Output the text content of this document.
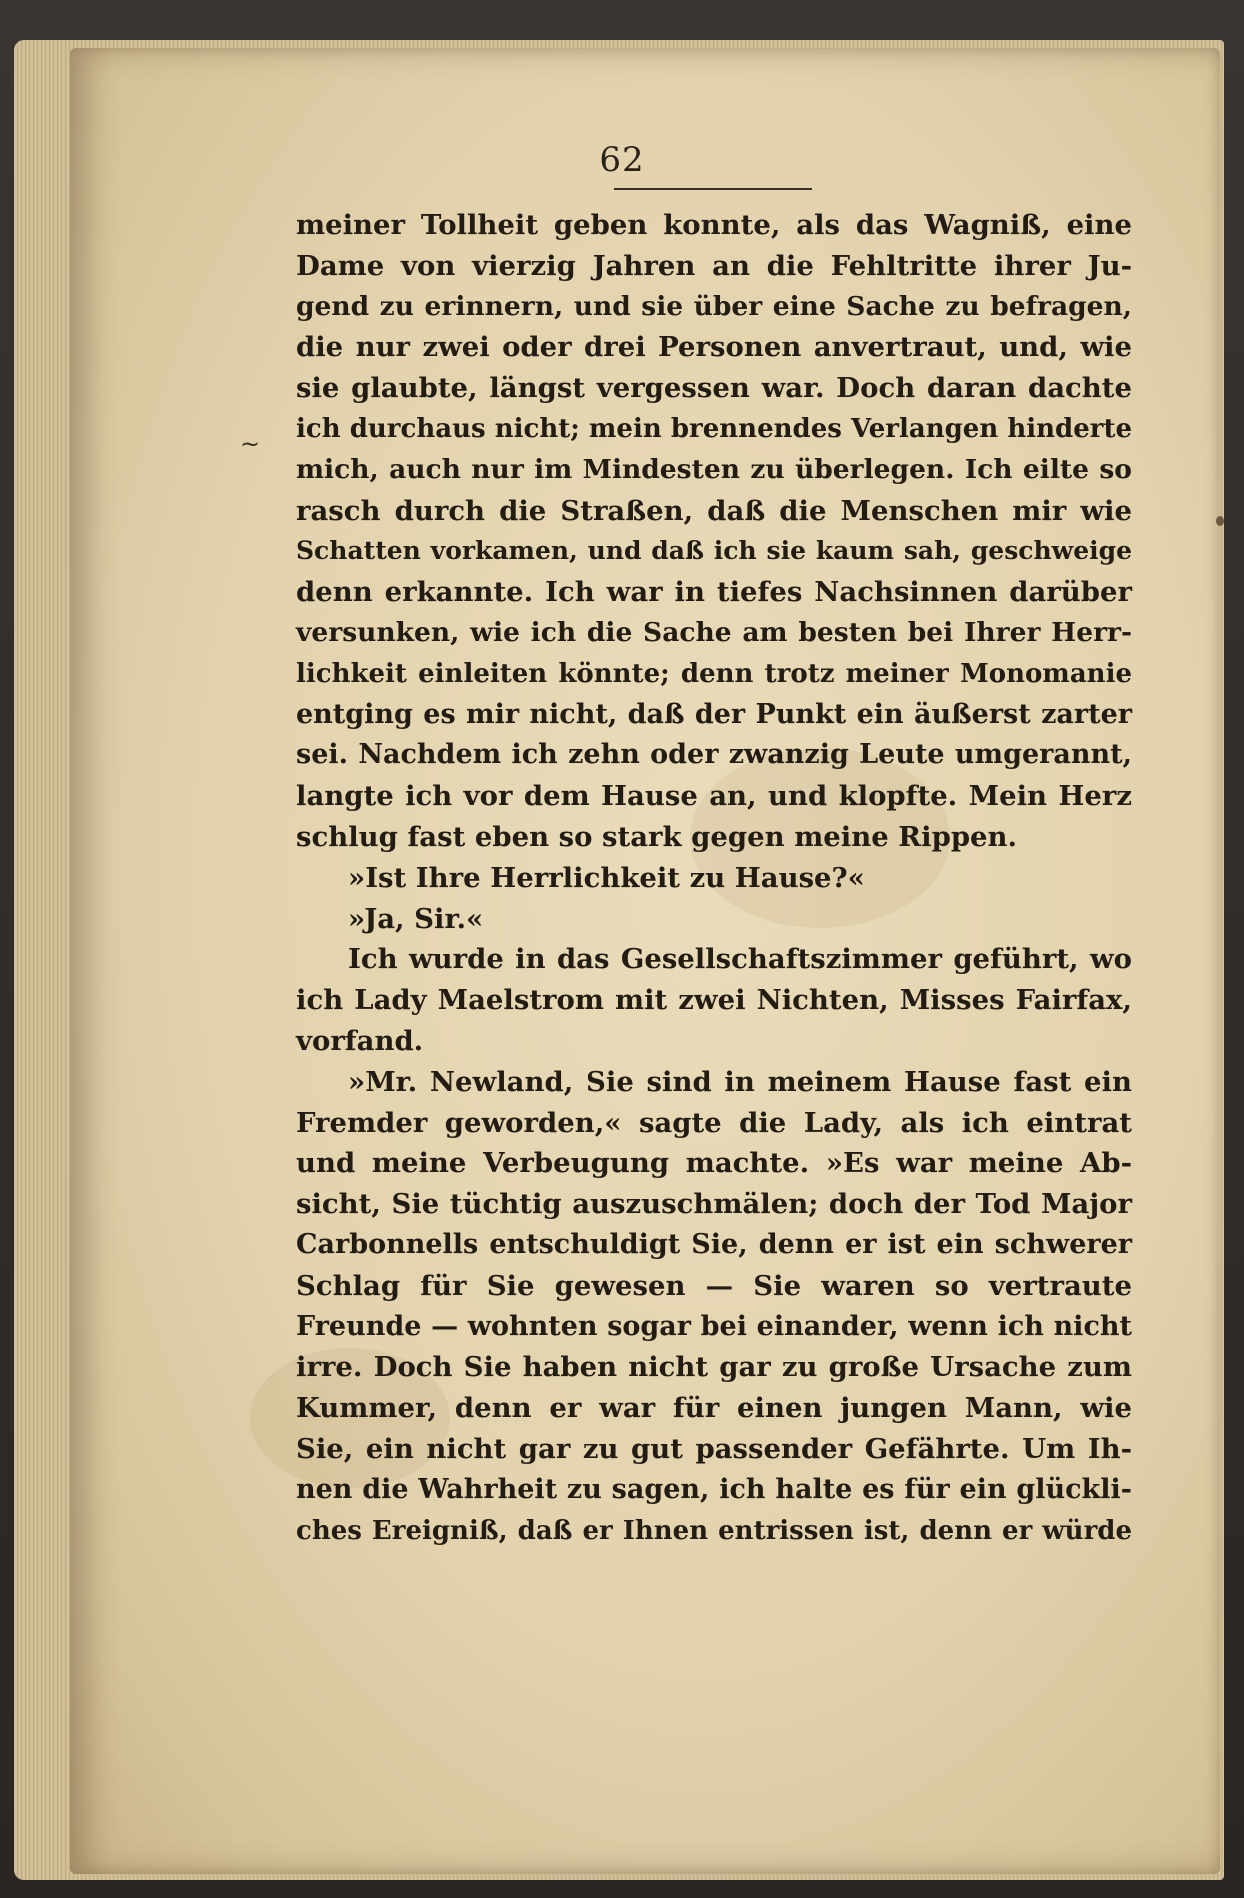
62
~
meiner Tollheit geben konnte, als das Wagniß, eine
Dame von vierzig Jahren an die Fehltritte ihrer Ju-
gend zu erinnern, und sie über eine Sache zu befragen,
die nur zwei oder drei Personen anvertraut, und, wie
sie glaubte, längst vergessen war. Doch daran dachte
ich durchaus nicht; mein brennendes Verlangen hinderte
mich, auch nur im Mindesten zu überlegen. Ich eilte so
rasch durch die Straßen, daß die Menschen mir wie
Schatten vorkamen, und daß ich sie kaum sah, geschweige
denn erkannte. Ich war in tiefes Nachsinnen darüber
versunken, wie ich die Sache am besten bei Ihrer Herr-
lichkeit einleiten könnte; denn trotz meiner Monomanie
entging es mir nicht, daß der Punkt ein äußerst zarter
sei. Nachdem ich zehn oder zwanzig Leute umgerannt,
langte ich vor dem Hause an, und klopfte. Mein Herz
schlug fast eben so stark gegen meine Rippen.
»Ist Ihre Herrlichkeit zu Hause?«
»Ja, Sir.«
Ich wurde in das Gesellschaftszimmer geführt, wo
ich Lady Maelstrom mit zwei Nichten, Misses Fairfax,
vorfand.
»Mr. Newland, Sie sind in meinem Hause fast ein
Fremder geworden,« sagte die Lady, als ich eintrat
und meine Verbeugung machte. »Es war meine Ab-
sicht, Sie tüchtig auszuschmälen; doch der Tod Major
Carbonnells entschuldigt Sie, denn er ist ein schwerer
Schlag für Sie gewesen — Sie waren so vertraute
Freunde — wohnten sogar bei einander, wenn ich nicht
irre. Doch Sie haben nicht gar zu große Ursache zum
Kummer, denn er war für einen jungen Mann, wie
Sie, ein nicht gar zu gut passender Gefährte. Um Ih-
nen die Wahrheit zu sagen, ich halte es für ein glückli-
ches Ereigniß, daß er Ihnen entrissen ist, denn er würde
